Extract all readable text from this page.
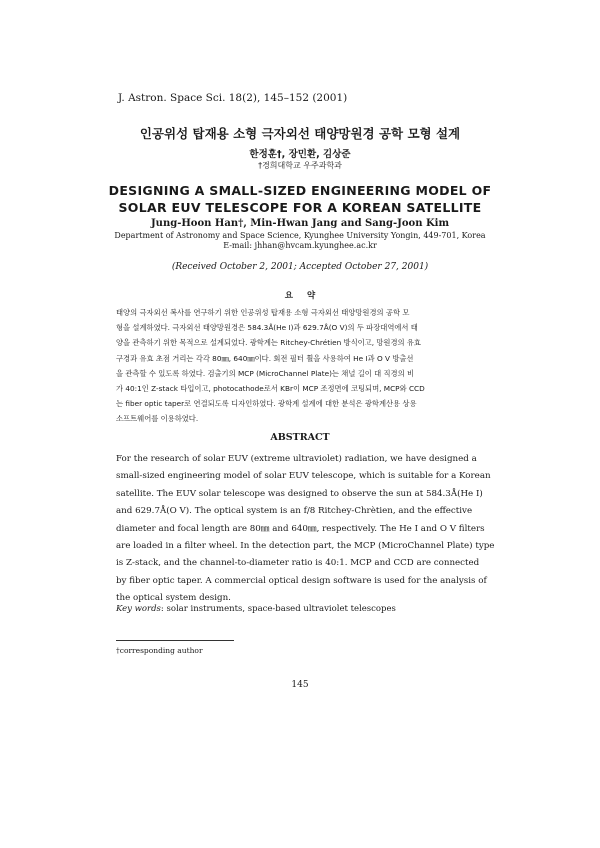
J. Astron. Space Sci. 18(2), 145–152 (2001)
인공위성 탑재용 소형 극자외선 태양망원경 공학 모형 설계
한정훈†, 장민환, 김상준
†경희대학교 우주과학과
DESIGNING A SMALL-SIZED ENGINEERING MODEL OF
SOLAR EUV TELESCOPE FOR A KOREAN SATELLITE
Jung-Hoon Han†, Min-Hwan Jang and Sang-Joon Kim
Department of Astronomy and Space Science, Kyunghee University Yongin, 449-701, Korea
E-mail: jhhan@hvcam.kyunghee.ac.kr
(Received October 2, 2001; Accepted October 27, 2001)
요약
태양의 극자외선 복사를 연구하기 위한 인공위성 탑재용 소형 극자외선 태양망원경의 공학 모
형을 설계하였다. 극자외선 태양망원경은 584.3Å(He I)과 629.7Å(O V)의 두 파장대역에서 태
양을 관측하기 위한 목적으로 설계되었다. 광학계는 Ritchey-Chrétien 방식이고, 망원경의 유효
구경과 유효 초점 거리는 각각 80㎜, 640㎜이다. 회전 필터 휠을 사용하여 He I과 O V 방출선
을 관측할 수 있도록 하였다. 검출기의 MCP (MicroChannel Plate)는 채널 길이 대 직경의 비
가 40:1인 Z-stack 타입이고, photocathode로서 KBr이 MCP 조정면에 코팅되며, MCP와 CCD
는 fiber optic taper로 연결되도록 디자인하였다. 광학계 설계에 대한 분석은 광학계산용 상용
소프트웨어를 이용하였다.
ABSTRACT
For the research of solar EUV (extreme ultraviolet) radiation, we have designed a
small-sized engineering model of solar EUV telescope, which is suitable for a Korean
satellite. The EUV solar telescope was designed to observe the sun at 584.3Å(He I)
and 629.7Å(O V). The optical system is an f/8 Ritchey-Chrètien, and the effective
diameter and focal length are 80㎜ and 640㎜, respectively. The He I and O V filters
are loaded in a filter wheel. In the detection part, the MCP (MicroChannel Plate) type
is Z-stack, and the channel-to-diameter ratio is 40:1. MCP and CCD are connected
by fiber optic taper. A commercial optical design software is used for the analysis of
the optical system design.
Key words: solar instruments, space-based ultraviolet telescopes
†corresponding author
145
